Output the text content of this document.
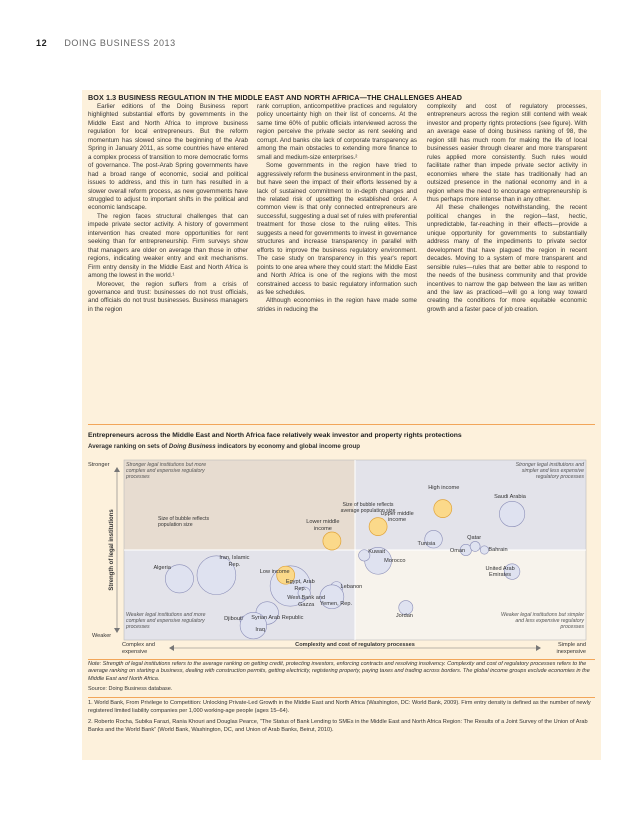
12 DOING BUSINESS 2013
BOX 1.3 BUSINESS REGULATION IN THE MIDDLE EAST AND NORTH AFRICA—THE CHALLENGES AHEAD

Earlier editions of the Doing Business report highlighted substantial efforts by governments in the Middle East and North Africa to improve business regulation for local entrepreneurs. But the reform momentum has slowed since the beginning of the Arab Spring in January 2011, as some countries have entered a complex process of transition to more democratic forms of governance. The post-Arab Spring governments have had a broad range of economic, social and political issues to address, and this in turn has resulted in a slower overall reform process, as new governments have struggled to adjust to important shifts in the political and economic landscape.

The region faces structural challenges that can impede private sector activity. A history of government intervention has created more opportunities for rent seeking than for entrepreneurship. Firm surveys show that managers are older on average than those in other regions, indicating weaker entry and exit mechanisms. Firm entry density in the Middle East and North Africa is among the lowest in the world.¹

Moreover, the region suffers from a crisis of governance and trust: businesses do not trust officials, and officials do not trust businesses. Business managers in the region

rank corruption, anticompetitive practices and regulatory policy uncertainty high on their list of concerns. At the same time 60% of public officials interviewed across the region perceive the private sector as rent seeking and corrupt. And banks cite lack of corporate transparency as among the main obstacles to extending more finance to small and medium-size enterprises.²

Some governments in the region have tried to aggressively reform the business environment in the past, but have seen the impact of their efforts lessened by a lack of sustained commitment to in-depth changes and the related risk of upsetting the established order. A common view is that only connected entrepreneurs are successful, suggesting a dual set of rules with preferential treatment for those close to the ruling elites. This suggests a need for governments to invest in governance structures and increase transparency in parallel with efforts to improve the business regulatory environment. The case study on transparency in this year's report points to one area where they could start: the Middle East and North Africa is one of the regions with the most constrained access to basic regulatory information such as fee schedules.

Although economies in the region have made some strides in reducing the

complexity and cost of regulatory processes, entrepreneurs across the region still contend with weak investor and property rights protections (see figure). With an average ease of doing business ranking of 98, the region still has much room for making the life of local businesses easier through clearer and more transparent rules applied more consistently. Such rules would facilitate rather than impede private sector activity in economies where the state has traditionally had an outsized presence in the national economy and in a region where the need to encourage entrepreneurship is thus perhaps more intense than in any other.

All these challenges notwithstanding, the recent political changes in the region—fast, hectic, unpredictable, far-reaching in their effects—provide a unique opportunity for governments to substantially address many of the impediments to private sector development that have plagued the region in recent decades. Moving to a system of more transparent and sensible rules—rules that are better able to respond to the needs of the business community and that provide incentives to narrow the gap between the law as written and the law as practiced—will go a long way toward creating the conditions for more equitable economic growth and a faster pace of job creation.

Entrepreneurs across the Middle East and North Africa face relatively weak investor and property rights protections
Average ranking on sets of Doing Business indicators by economy and global income group
Strength of legal institutions
Stronger
Weaker
Complex and expensive
Simple and inexpensive
Complexity and cost of regulatory processes
Stronger legal institutions but more complex and expensive regulatory processes
Stronger legal institutions and simpler and less expensive regulatory processes
Weaker legal institutions and more complex and expensive regulatory processes
Weaker legal institutions but simpler and less expensive regulatory processes
Size of bubble reflects population size
Size of bubble reflects average population size
Algeria
Iran, Islamic Rep.
Egypt, Arab Rep.
Morocco
Kuwait
Lebanon
West Bank and Gazza	Yemen, Rep.
Syrian Arab Republic
Djibouti
Iraq
Jordan
Tunisia
Oman
Qatar
Bahrain
Saudi Arabia
United Arab Emirates
High income
Upper middle income
Lower middle income
Low income
Note: Strength of legal institutions refers to the average ranking on getting credit, protecting investors, enforcing contracts and resolving insolvency. Complexity and cost of regulatory processes refers to the average ranking on starting a business, dealing with construction permits, getting electricity, registering property, paying taxes and trading across borders. The global income groups exclude economies in the Middle East and North Africa.
Source: Doing Business database.
1. World Bank, From Privilege to Competition: Unlocking Private-Led Growth in the Middle East and North Africa (Washington, DC: World Bank, 2009). Firm entry density is defined as the number of newly registered limited liability companies per 1,000 working-age people (ages 15–64).
2. Roberto Rocha, Subika Farazi, Rania Khouri and Douglas Pearce, “The Status of Bank Lending to SMEs in the Middle East and North Africa Region: The Results of a Joint Survey of the Union of Arab Banks and the World Bank” (World Bank, Washington, DC, and Union of Arab Banks, Beirut, 2010).
